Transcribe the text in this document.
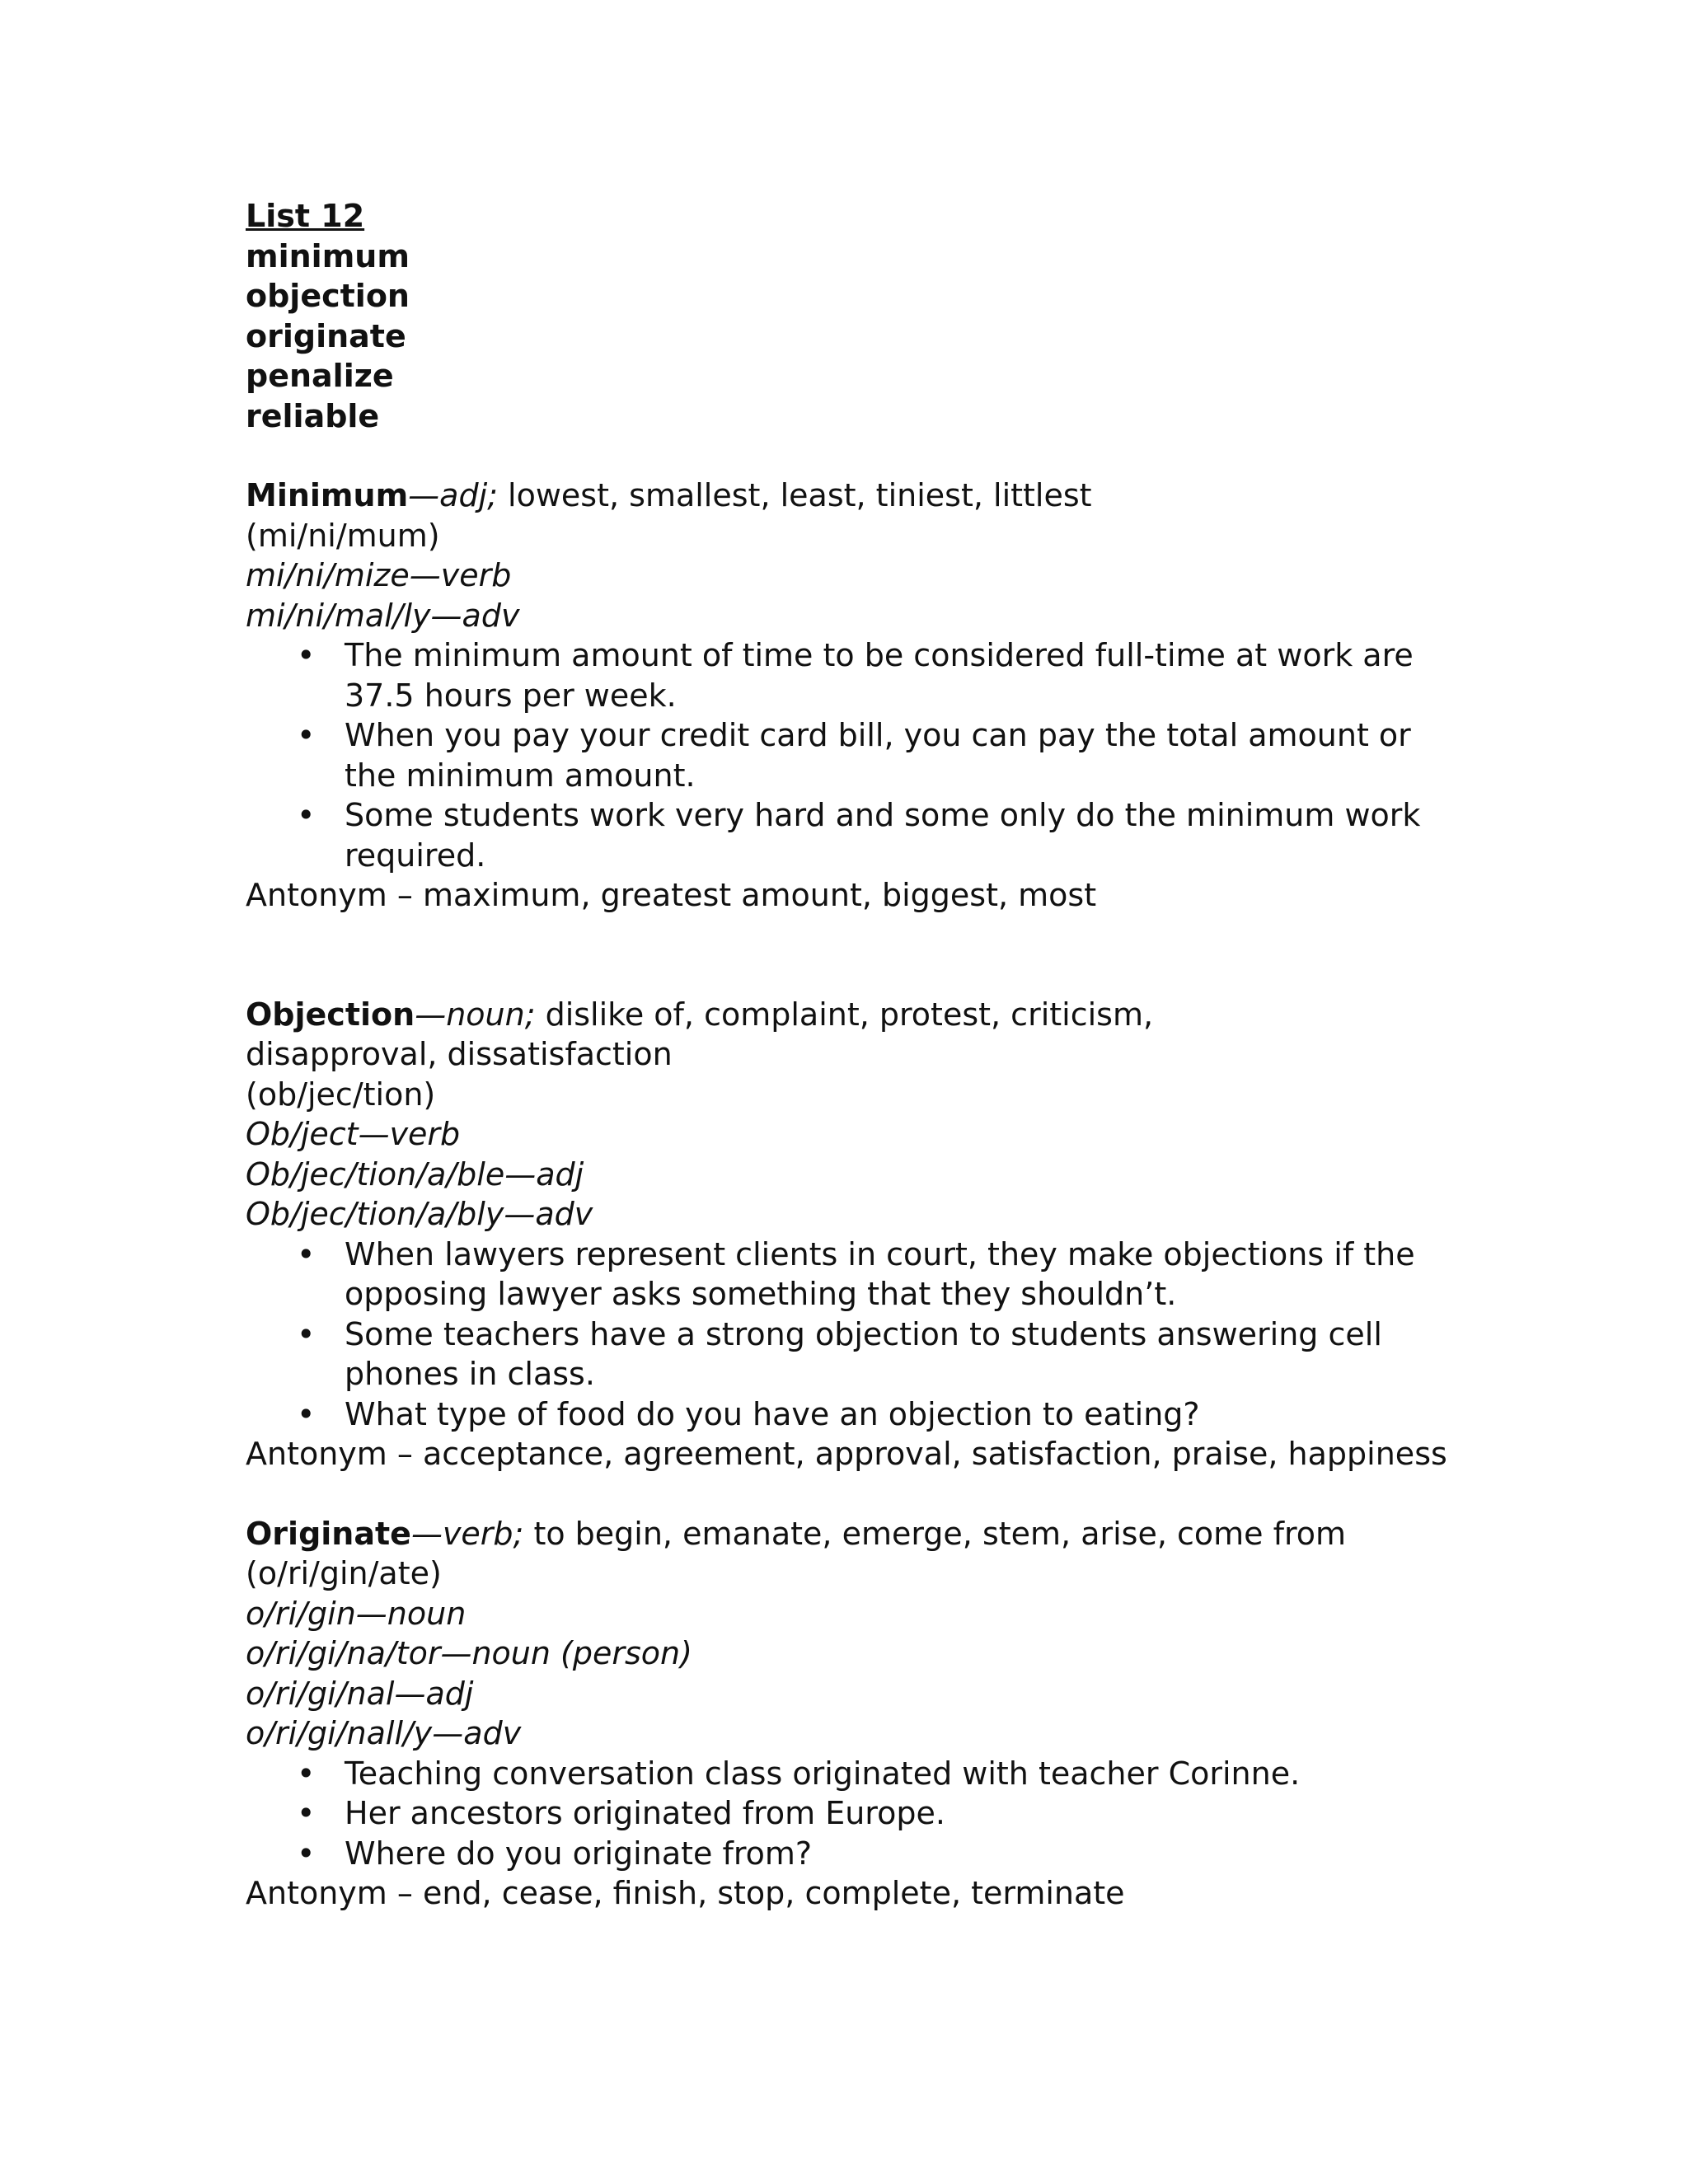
List 12
minimum
objection
originate
penalize
reliable
Minimum—adj; lowest, smallest, least, tiniest, littlest
(mi/ni/mum)
mi/ni/mize—verb
mi/ni/mal/ly—adv
• The minimum amount of time to be considered full-time at work are 37.5 hours per week.
• When you pay your credit card bill, you can pay the total amount or the minimum amount.
• Some students work very hard and some only do the minimum work required.
Antonym – maximum, greatest amount, biggest, most
Objection—noun; dislike of, complaint, protest, criticism, disapproval, dissatisfaction
(ob/jec/tion)
Ob/ject—verb
Ob/jec/tion/a/ble—adj
Ob/jec/tion/a/bly—adv
• When lawyers represent clients in court, they make objections if the opposing lawyer asks something that they shouldn’t.
• Some teachers have a strong objection to students answering cell phones in class.
• What type of food do you have an objection to eating?
Antonym – acceptance, agreement, approval, satisfaction, praise, happiness
Originate—verb; to begin, emanate, emerge, stem, arise, come from
(o/ri/gin/ate)
o/ri/gin—noun
o/ri/gi/na/tor—noun (person)
o/ri/gi/nal—adj
o/ri/gi/nall/y—adv
• Teaching conversation class originated with teacher Corinne.
• Her ancestors originated from Europe.
• Where do you originate from?
Antonym – end, cease, finish, stop, complete, terminate
